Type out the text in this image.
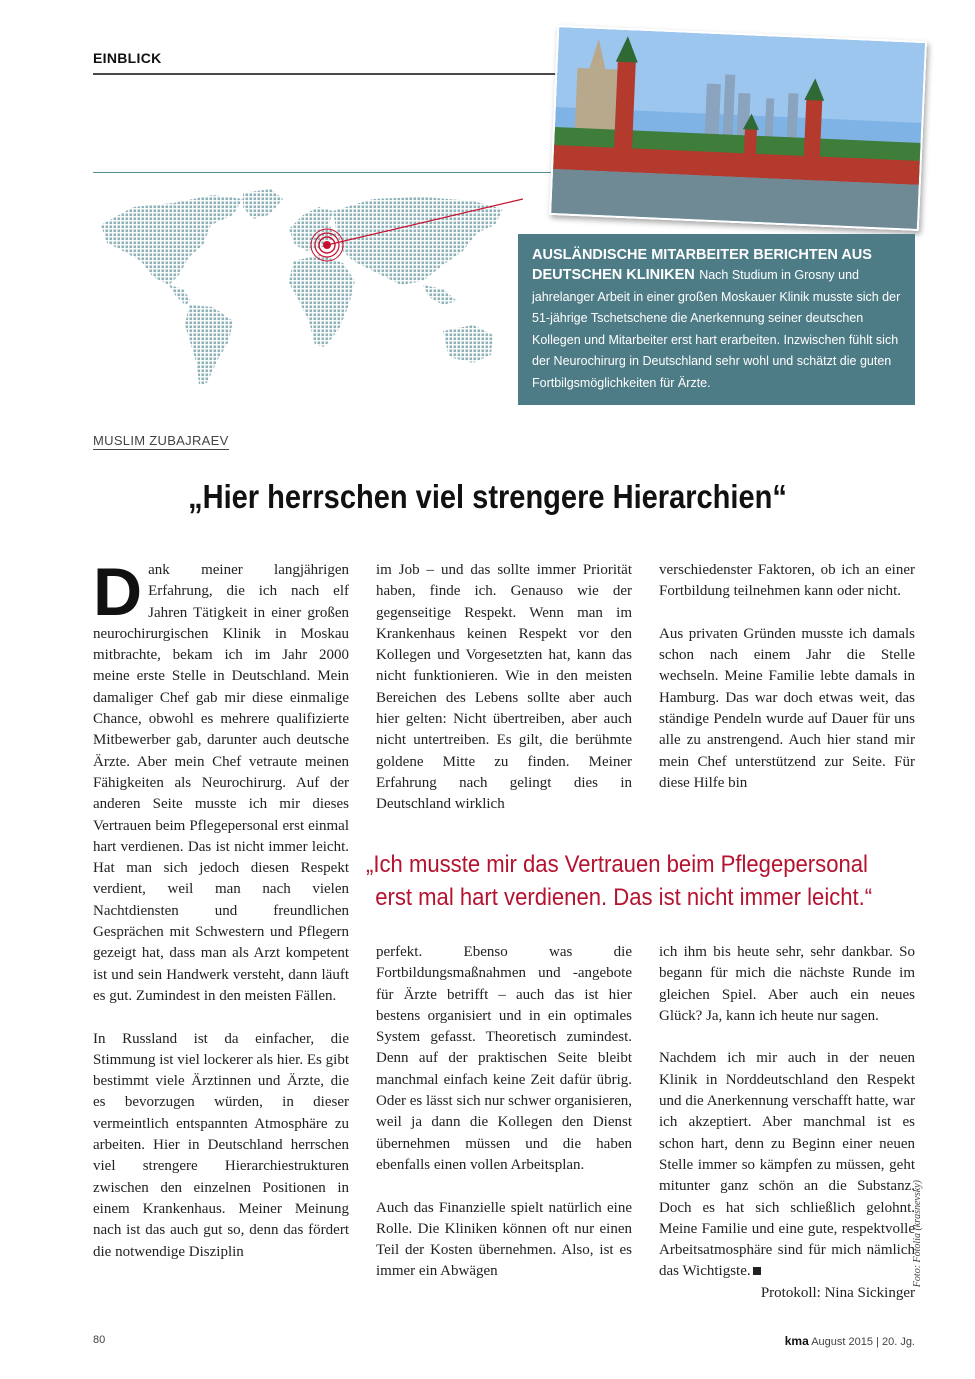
EINBLICK
AUSLÄNDISCHE MITARBEITER BERICHTEN AUS DEUTSCHEN KLINIKEN Nach Studium in Grosny und jahrelanger Arbeit in einer großen Moskauer Klinik musste sich der 51-jährige Tschetschene die Anerkennung seiner deutschen Kollegen und Mitarbeiter erst hart erarbeiten. Inzwischen fühlt sich der Neurochirurg in Deutschland sehr wohl und schätzt die guten Fortbilgsmöglichkeiten für Ärzte.
MUSLIM ZUBAJRAEV
„Hier herrschen viel strengere Hierarchien“

Dank meiner langjährigen Erfahrung, die ich nach elf Jahren Tätigkeit in einer großen neurochirurgischen Klinik in Moskau mitbrachte, bekam ich im Jahr 2000 meine erste Stelle in Deutschland. Mein damaliger Chef gab mir diese einmalige Chance, obwohl es mehrere qualifizierte Mitbewerber gab, darunter auch deutsche Ärzte. Aber mein Chef vetraute meinen Fähigkeiten als Neurochirurg. Auf der anderen Seite musste ich mir dieses Vertrauen beim Pflegepersonal erst einmal hart verdienen. Das ist nicht immer leicht. Hat man sich jedoch diesen Respekt verdient, weil man nach vielen Nachtdiensten und freundlichen Gesprächen mit Schwestern und Pflegern gezeigt hat, dass man als Arzt kompetent ist und sein Handwerk versteht, dann läuft es gut. Zumindest in den meisten Fällen.

In Russland ist da einfacher, die Stimmung ist viel lockerer als hier. Es gibt bestimmt viele Ärztinnen und Ärzte, die es bevorzugen würden, in dieser vermeintlich entspannten Atmosphäre zu arbeiten. Hier in Deutschland herrschen viel strengere Hierarchiestrukturen zwischen den einzelnen Positionen in einem Krankenhaus. Meiner Meinung nach ist das auch gut so, denn das fördert die notwendige Disziplin

im Job – und das sollte immer Priorität haben, finde ich. Genauso wie der gegenseitige Respekt. Wenn man im Krankenhaus keinen Respekt vor den Kollegen und Vorgesetzten hat, kann das nicht funktionieren. Wie in den meisten Bereichen des Lebens sollte aber auch hier gelten: Nicht übertreiben, aber auch nicht untertreiben. Es gilt, die berühmte goldene Mitte zu finden. Meiner Erfahrung nach gelingt dies in Deutschland wirklich

verschiedenster Faktoren, ob ich an einer Fortbildung teilnehmen kann oder nicht.

Aus privaten Gründen musste ich damals schon nach einem Jahr die Stelle wechseln. Meine Familie lebte damals in Hamburg. Das war doch etwas weit, das ständige Pendeln wurde auf Dauer für uns alle zu anstrengend. Auch hier stand mir mein Chef unterstützend zur Seite. Für diese Hilfe bin

„Ich musste mir das Vertrauen beim Pflegepersonal
erst mal hart verdienen. Das ist nicht immer leicht.“

perfekt. Ebenso was die Fortbildungsmaßnahmen und -angebote für Ärzte betrifft – auch das ist hier bestens organisiert und in ein optimales System gefasst. Theoretisch zumindest. Denn auf der praktischen Seite bleibt manchmal einfach keine Zeit dafür übrig. Oder es lässt sich nur schwer organisieren, weil ja dann die Kollegen den Dienst übernehmen müssen und die haben ebenfalls einen vollen Arbeitsplan.

Auch das Finanzielle spielt natürlich eine Rolle. Die Kliniken können oft nur einen Teil der Kosten übernehmen. Also, ist es immer ein Abwägen

ich ihm bis heute sehr, sehr dankbar. So begann für mich die nächste Runde im gleichen Spiel. Aber auch ein neues Glück? Ja, kann ich heute nur sagen.

Nachdem ich mir auch in der neuen Klinik in Norddeutschland den Respekt und die Anerkennung verschafft hatte, war ich akzeptiert. Aber manchmal ist es schon hart, denn zu Beginn einer neuen Stelle immer so kämpfen zu müssen, geht mitunter ganz schön an die Substanz. Doch es hat sich schließlich gelohnt. Meine Familie und eine gute, respektvolle Arbeitsatmosphäre sind für mich nämlich das Wichtigste.

Protokoll: Nina Sickinger

Foto: Fotolia (krasnevsky)
80	kma August 2015 | 20. Jg.
